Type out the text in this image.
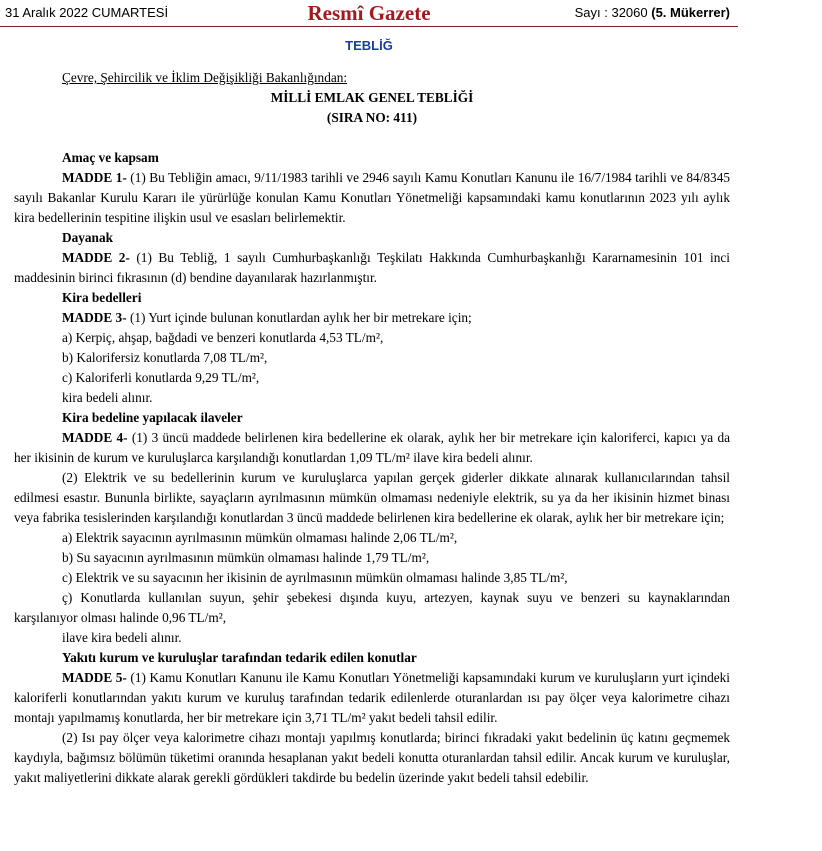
31 Aralık 2022 CUMARTESİ	Resmî Gazete	Sayı : 32060 (5. Mükerrer)
TEBLİĞ

Çevre, Şehircilik ve İklim Değişikliği Bakanlığından:

MİLLİ EMLAK GENEL TEBLİĞİ

(SIRA NO: 411)

Amaç ve kapsam

MADDE 1- (1) Bu Tebliğin amacı, 9/11/1983 tarihli ve 2946 sayılı Kamu Konutları Kanunu ile 16/7/1984 tarihli ve 84/8345 sayılı Bakanlar Kurulu Kararı ile yürürlüğe konulan Kamu Konutları Yönetmeliği kapsamındaki kamu konutlarının 2023 yılı aylık kira bedellerinin tespitine ilişkin usul ve esasları belirlemektir.

Dayanak

MADDE 2- (1) Bu Tebliğ, 1 sayılı Cumhurbaşkanlığı Teşkilatı Hakkında Cumhurbaşkanlığı Kararnamesinin 101 inci maddesinin birinci fıkrasının (d) bendine dayanılarak hazırlanmıştır.

Kira bedelleri

MADDE 3- (1) Yurt içinde bulunan konutlardan aylık her bir metrekare için;

a) Kerpiç, ahşap, bağdadi ve benzeri konutlarda 4,53 TL/m²,

b) Kalorifersiz konutlarda 7,08 TL/m²,

c) Kaloriferli konutlarda 9,29 TL/m²,

kira bedeli alınır.

Kira bedeline yapılacak ilaveler

MADDE 4- (1) 3 üncü maddede belirlenen kira bedellerine ek olarak, aylık her bir metrekare için kaloriferci, kapıcı ya da her ikisinin de kurum ve kuruluşlarca karşılandığı konutlardan 1,09 TL/m² ilave kira bedeli alınır.

(2) Elektrik ve su bedellerinin kurum ve kuruluşlarca yapılan gerçek giderler dikkate alınarak kullanıcılarından tahsil edilmesi esastır. Bununla birlikte, sayaçların ayrılmasının mümkün olmaması nedeniyle elektrik, su ya da her ikisinin hizmet binası veya fabrika tesislerinden karşılandığı konutlardan 3 üncü maddede belirlenen kira bedellerine ek olarak, aylık her bir metrekare için;

a) Elektrik sayacının ayrılmasının mümkün olmaması halinde 2,06 TL/m²,

b) Su sayacının ayrılmasının mümkün olmaması halinde 1,79 TL/m²,

c) Elektrik ve su sayacının her ikisinin de ayrılmasının mümkün olmaması halinde 3,85 TL/m²,

ç) Konutlarda kullanılan suyun, şehir şebekesi dışında kuyu, artezyen, kaynak suyu ve benzeri su kaynaklarından karşılanıyor olması halinde 0,96 TL/m²,

ilave kira bedeli alınır.

Yakıtı kurum ve kuruluşlar tarafından tedarik edilen konutlar

MADDE 5- (1) Kamu Konutları Kanunu ile Kamu Konutları Yönetmeliği kapsamındaki kurum ve kuruluşların yurt içindeki kaloriferli konutlarından yakıtı kurum ve kuruluş tarafından tedarik edilenlerde oturanlardan ısı pay ölçer veya kalorimetre cihazı montajı yapılmamış konutlarda, her bir metrekare için 3,71 TL/m² yakıt bedeli tahsil edilir.

(2) Isı pay ölçer veya kalorimetre cihazı montajı yapılmış konutlarda; birinci fıkradaki yakıt bedelinin üç katını geçmemek kaydıyla, bağımsız bölümün tüketimi oranında hesaplanan yakıt bedeli konutta oturanlardan tahsil edilir. Ancak kurum ve kuruluşlar, yakıt maliyetlerini dikkate alarak gerekli gördükleri takdirde bu bedelin üzerinde yakıt bedeli tahsil edebilir.
